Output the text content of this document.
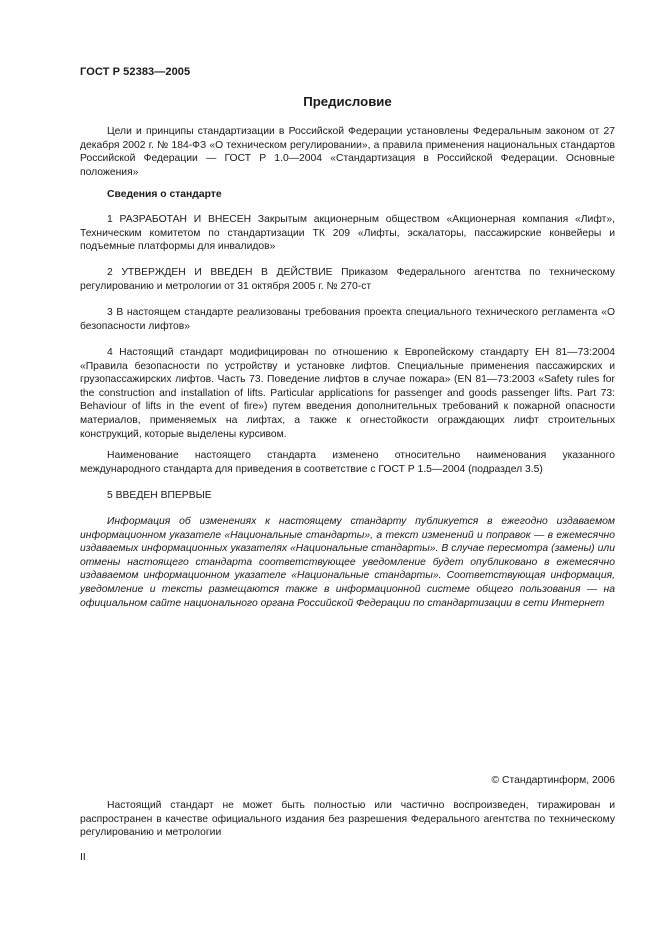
ГОСТ Р 52383—2005
Предисловие

Цели и принципы стандартизации в Российской Федерации установлены Федеральным законом от 27 декабря 2002 г. № 184-ФЗ «О техническом регулировании», а правила применения национальных стандартов Российской Федерации — ГОСТ Р 1.0—2004 «Стандартизация в Российской Федерации. Основные положения»

Сведения о стандарте

1 РАЗРАБОТАН И ВНЕСЕН Закрытым акционерным обществом «Акционерная компания «Лифт», Техническим комитетом по стандартизации ТК 209 «Лифты, эскалаторы, пассажирские конвейеры и подъемные платформы для инвалидов»

2 УТВЕРЖДЕН И ВВЕДЕН В ДЕЙСТВИЕ Приказом Федерального агентства по техническому регулированию и метрологии от 31 октября 2005 г. № 270-ст

3 В настоящем стандарте реализованы требования проекта специального технического регламента «О безопасности лифтов»

4 Настоящий стандарт модифицирован по отношению к Европейскому стандарту ЕН 81—73:2004 «Правила безопасности по устройству и установке лифтов. Специальные применения пассажирских и грузопассажирских лифтов. Часть 73. Поведение лифтов в случае пожара» (EN 81—73:2003 «Safety rules for the construction and installation of lifts. Particular applications for passenger and goods passenger lifts. Part 73: Behaviour of lifts in the event of fire») путем введения дополнительных требований к пожарной опасности материалов, применяемых на лифтах, а также к огнестойкости ограждающих лифт строительных конструкций, которые выделены курсивом.

Наименование настоящего стандарта изменено относительно наименования указанного международного стандарта для приведения в соответствие с ГОСТ Р 1.5—2004 (подраздел 3.5)

5 ВВЕДЕН ВПЕРВЫЕ

Информация об изменениях к настоящему стандарту публикуется в ежегодно издаваемом информационном указателе «Национальные стандарты», а текст изменений и поправок — в ежемесячно издаваемых информационных указателях «Национальные стандарты». В случае пересмотра (замены) или отмены настоящего стандарта соответствующее уведомление будет опубликовано в ежемесячно издаваемом информационном указателе «Национальные стандарты». Соответствующая информация, уведомление и тексты размещаются также в информационной системе общего пользования — на официальном сайте национального органа Российской Федерации по стандартизации в сети Интернет

© Стандартинформ, 2006

Настоящий стандарт не может быть полностью или частично воспроизведен, тиражирован и распространен в качестве официального издания без разрешения Федерального агентства по техническому регулированию и метрологии

II
